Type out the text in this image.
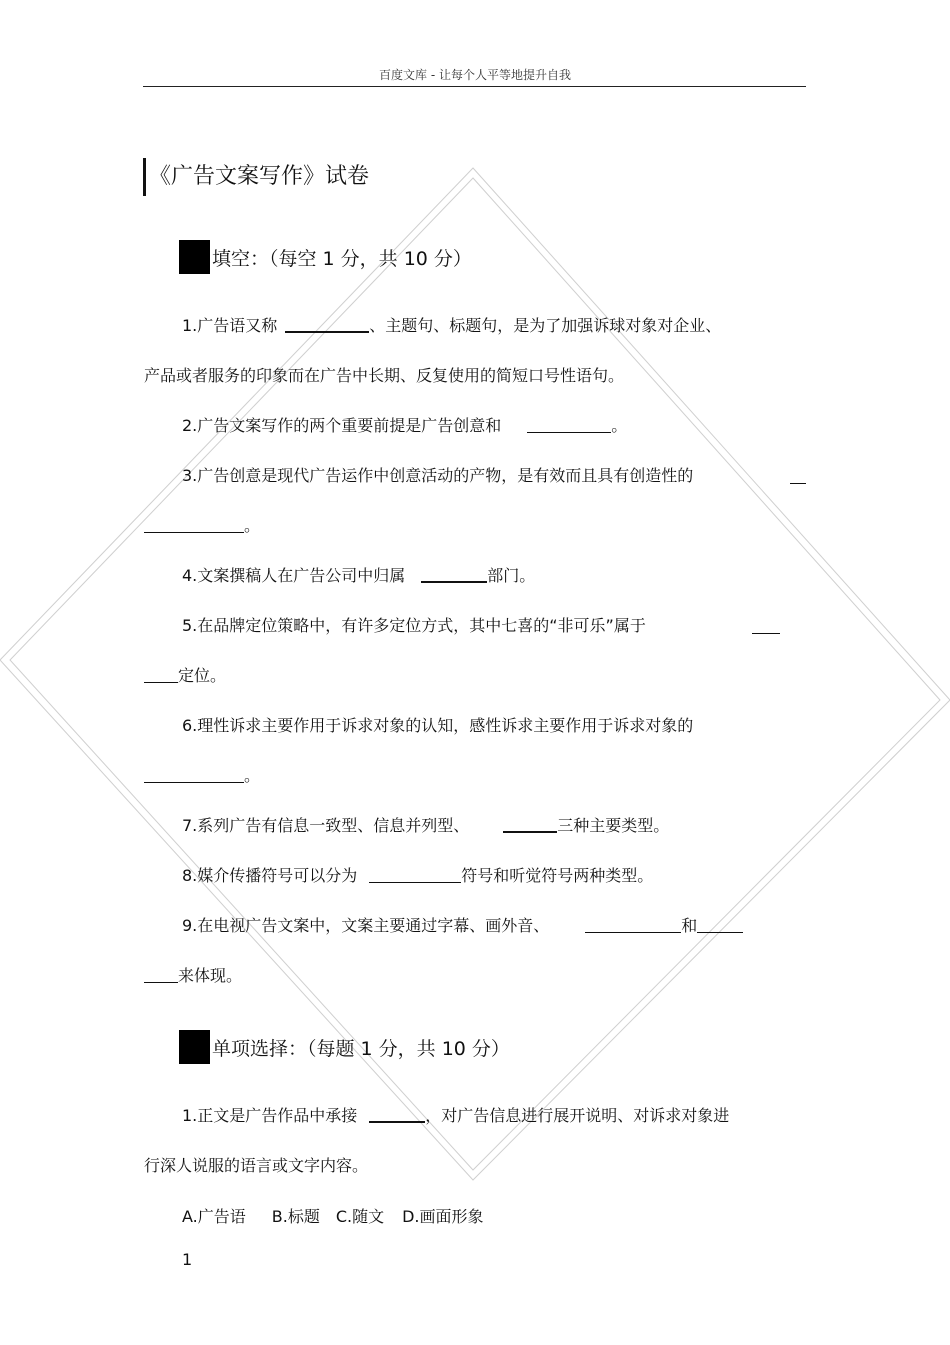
百度文库 - 让每个人平等地提升自我
《广告文案写作》试卷
填空：（每空 1 分，共 10 分）
1.广告语又称	、主题句、标题句，是为了加强诉球对象对企业、
产品或者服务的印象而在广告中长期、反复使用的简短口号性语句。
2.广告文案写作的两个重要前提是广告创意和	。
3.广告创意是现代广告运作中创意活动的产物，是有效而且具有创造性的
。
4.文案撰稿人在广告公司中归属	部门。
5.在品牌定位策略中，有许多定位方式，其中七喜的“非可乐”属于
定位。
6.理性诉求主要作用于诉求对象的认知，感性诉求主要作用于诉求对象的
。
7.系列广告有信息一致型、信息并列型、	三种主要类型。
8.媒介传播符号可以分为	符号和听觉符号两种类型。
9.在电视广告文案中，文案主要通过字幕、画外音、	和
来体现。
单项选择：（每题 1 分，共 10 分）
1.正文是广告作品中承接	，对广告信息进行展开说明、对诉求对象进
行深人说服的语言或文字内容。
A.广告语 B.标题 C.随文 D.画面形象
1
